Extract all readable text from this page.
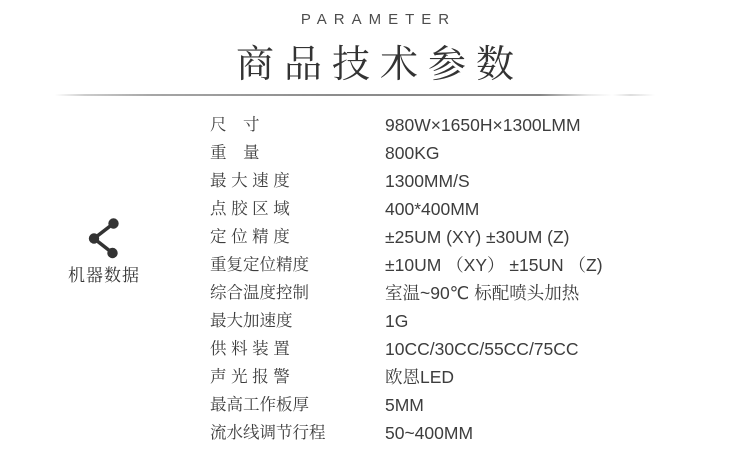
PARAMETER
商品技术参数
机器数据
尺　寸	980W×1650H×1300LMM
重　量	800KG
最 大 速 度	1300MM/S
点 胶 区 域	400*400MM
定 位 精 度	±25UM (XY) ±30UM (Z)
重复定位精度	±10UM （XY） ±15UN （Z)
综合温度控制	室温~90℃ 标配喷头加热
最大加速度	1G
供 料 装 置	10CC/30CC/55CC/75CC
声 光 报 警	欧恩LED
最高工作板厚	5MM
流水线调节行程	50~400MM
